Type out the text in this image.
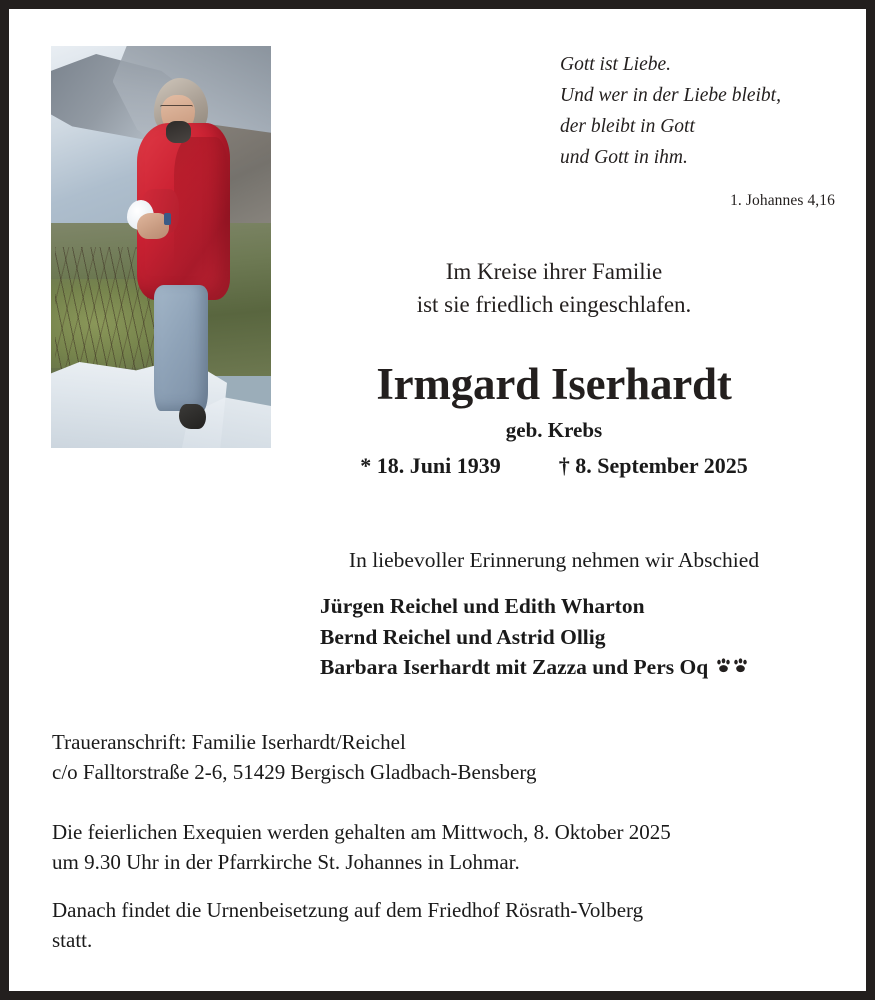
Gott ist Liebe.
Und wer in der Liebe bleibt,
der bleibt in Gott
und Gott in ihm.
1. Johannes 4,16
Im Kreise ihrer Familie
ist sie friedlich eingeschlafen.
Irmgard Iserhardt
geb. Krebs
* 18. Juni 1939	† 8. September 2025
In liebevoller Erinnerung nehmen wir Abschied
Jürgen Reichel und Edith Wharton
Bernd Reichel und Astrid Ollig
Barbara Iserhardt mit Zazza und Pers Oq
Traueranschrift: Familie Iserhardt/Reichel
c/o Falltorstraße 2-6, 51429 Bergisch Gladbach-Bensberg
Die feierlichen Exequien werden gehalten am Mittwoch, 8. Oktober 2025
um 9.30 Uhr in der Pfarrkirche St. Johannes in Lohmar.
Danach findet die Urnenbeisetzung auf dem Friedhof Rösrath-Volberg
statt.
